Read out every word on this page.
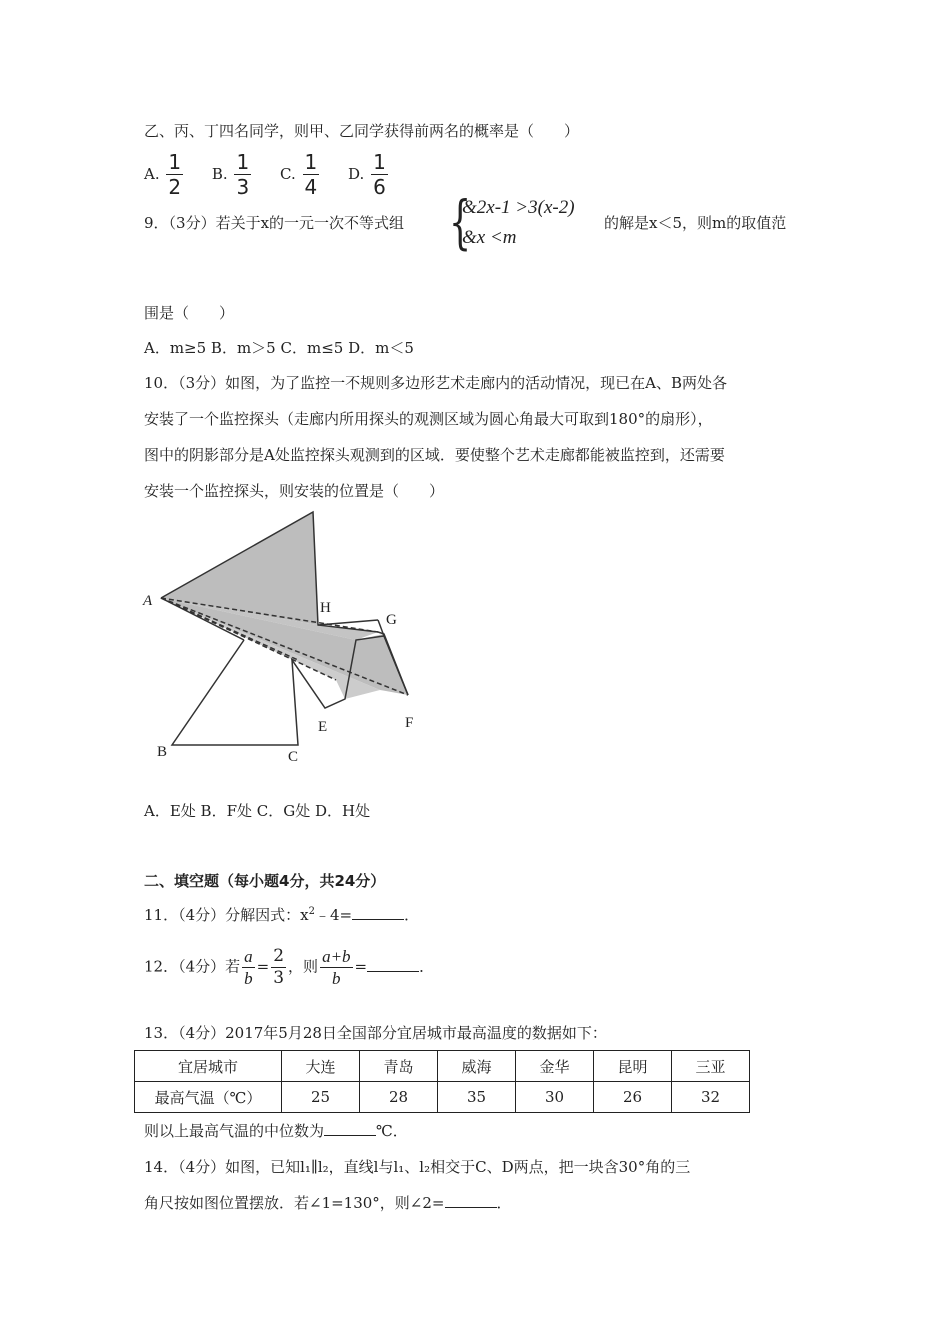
乙、丙、丁四名同学，则甲、乙同学获得前两名的概率是（　　）
A. $\frac{1}{2} B$. $\frac{1}{3} C$. $\frac{1}{4} D$. $\frac{1}{6}$
9．（3分）若关于x的一元一次不等式组 {
&2x-1 >3(x-2)
&x <m
的解是x＜5，则m的取值范
围是（　　）
A．m≥5 B．m＞5 C．m≤5 D．m＜5
10．（3分）如图，为了监控一不规则多边形艺术走廊内的活动情况，现已在A、B两处各
安装了一个监控探头（走廊内所用探头的观测区域为圆心角最大可取到180°的扇形），
图中的阴影部分是A处监控探头观测到的区域．要使整个艺术走廊都能被监控到，还需要
安装一个监控探头，则安装的位置是（　　）
A	H
G
F
E
B	C
A．E处 B．F处 C．G处 D．H处
二、填空题（每小题4分，共24分）
11．（4分）分解因式：$x^2﹣4=$	．
12．（4分）若 $\frac{a}{b} = \frac{2}{3}$ ，则 $\frac{a+b}{b}$ =	．
13．（4分）2017年5月28日全国部分宜居城市最高温度的数据如下：
宜居城市	大连	青岛	威海	金华	昆明	三亚
最高气温（℃）	25	28	35	30	26	32
则以上最高气温的中位数为	℃．
14．（4分）如图，已知l₁∥l₂，直线l与l₁、l₂相交于C、D两点，把一块含30°角的三
角尺按如图位置摆放．若∠1=130°，则∠2=	．
